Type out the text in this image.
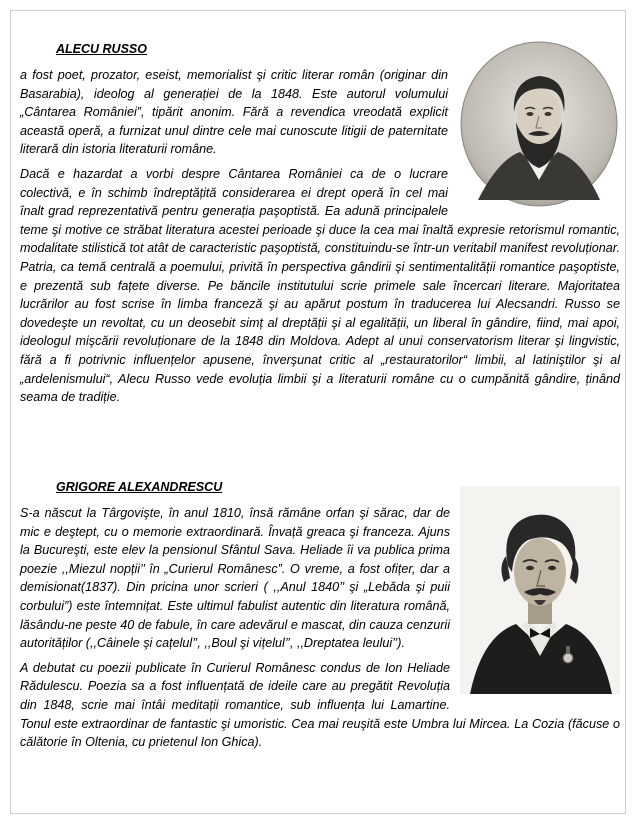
ALECU RUSSO

a fost poet, prozator, eseist, memorialist şi critic literar român (originar din Basarabia), ideolog al generației de la 1848. Este autorul volumului „Cântarea României”, tipărit anonim. Fără a revendica vreodată explicit această operă, a furnizat unul dintre cele mai cunoscute litigii de paternitate literară din istoria literaturii române.

Dacă e hazardat a vorbi despre Cântarea României ca de o lucrare colectivă, e în schimb îndreptățită considerarea ei drept operă în cel mai înalt grad reprezentativă pentru generația paşoptistă. Ea adună principalele teme şi motive ce străbat literatura acestei perioade şi duce la cea mai înaltă expresie retorismul romantic, modalitate stilistică tot atât de caracteristic paşoptistă, constituindu-se într-un veritabil manifest revoluționar. Patria, ca temă centrală a poemului, privită în perspectiva gândirii şi sentimentalității romantice paşoptiste, e prezentă sub fațete diverse. Pe băncile institutului scrie primele sale încercari literare. Majoritatea lucrărilor au fost scrise în limba franceză şi au apărut postum în traducerea lui Alecsandri. Russo se dovedeşte un revoltat, cu un deosebit simț al dreptății şi al egalității, un liberal în gândire, fiind, mai apoi, ideologul mişcării revoluționare de la 1848 din Moldova. Adept al unui conservatorism literar şi lingvistic, fără a fi potrivnic influențelor apusene, înverşunat critic al „restauratorilor“ limbii, al latiniştilor şi al „ardelenismului“, Alecu Russo vede evoluția limbii şi a literaturii române cu o cumpănită gândire, ținând seama de tradiție.

GRIGORE ALEXANDRESCU

S-a născut la Târgovişte, în anul 1810, însă rămâne orfan şi sărac, dar de mic e deştept, cu o memorie extraordinară. Învață greaca şi franceza. Ajuns la Bucureşti, este elev la pensionul Sfântul Sava. Heliade îi va publica prima poezie ,,Miezul nopții’’ în „Curierul Românesc”. O vreme, a fost ofițer, dar a demisionat(1837). Din pricina unor scrieri ( ,,Anul 1840’’ şi „Lebăda şi puii corbului”) este întemnițat. Este ultimul fabulist autentic din literatura română, lăsându-ne peste 40 de fabule, în care adevărul e mascat, din cauza cenzurii autorităților (,,Câinele şi cațelul’’, ,,Boul şi vițelul’’, ,,Dreptatea leului’’).

A debutat cu poezii publicate în Curierul Românesc condus de Ion Heliade Rădulescu. Poezia sa a fost influențată de ideile care au pregătit Revoluția din 1848, scrie mai întâi meditații romantice, sub influența lui Lamartine. Tonul este extraordinar de fantastic şi umoristic. Cea mai reuşită este Umbra lui Mircea. La Cozia (făcuse o călătorie în Oltenia, cu prietenul Ion Ghica).
